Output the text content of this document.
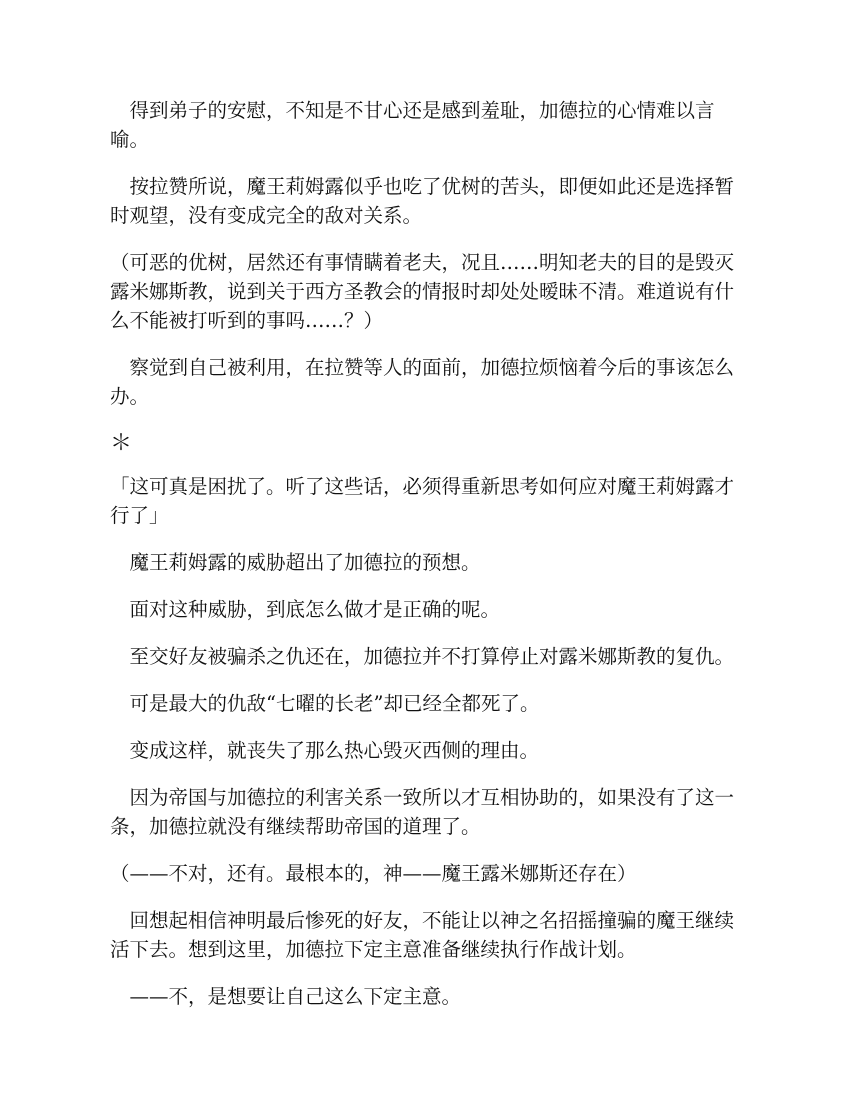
得到弟子的安慰，不知是不甘心还是感到羞耻，加德拉的心情难以言喻。

按拉赞所说，魔王莉姆露似乎也吃了优树的苦头，即便如此还是选择暂时观望，没有变成完全的敌对关系。

（可恶的优树，居然还有事情瞒着老夫，况且……明知老夫的目的是毁灭露米娜斯教，说到关于西方圣教会的情报时却处处暧昧不清。难道说有什么不能被打听到的事吗……？）

察觉到自己被利用，在拉赞等人的面前，加德拉烦恼着今后的事该怎么办。

＊

「这可真是困扰了。听了这些话，必须得重新思考如何应对魔王莉姆露才行了」

魔王莉姆露的威胁超出了加德拉的预想。

面对这种威胁，到底怎么做才是正确的呢。

至交好友被骗杀之仇还在，加德拉并不打算停止对露米娜斯教的复仇。

可是最大的仇敌“七曜的长老”却已经全都死了。

变成这样，就丧失了那么热心毁灭西侧的理由。

因为帝国与加德拉的利害关系一致所以才互相协助的，如果没有了这一条，加德拉就没有继续帮助帝国的道理了。

（——不对，还有。最根本的，神——魔王露米娜斯还存在）

回想起相信神明最后惨死的好友，不能让以神之名招摇撞骗的魔王继续活下去。想到这里，加德拉下定主意准备继续执行作战计划。

——不，是想要让自己这么下定主意。
